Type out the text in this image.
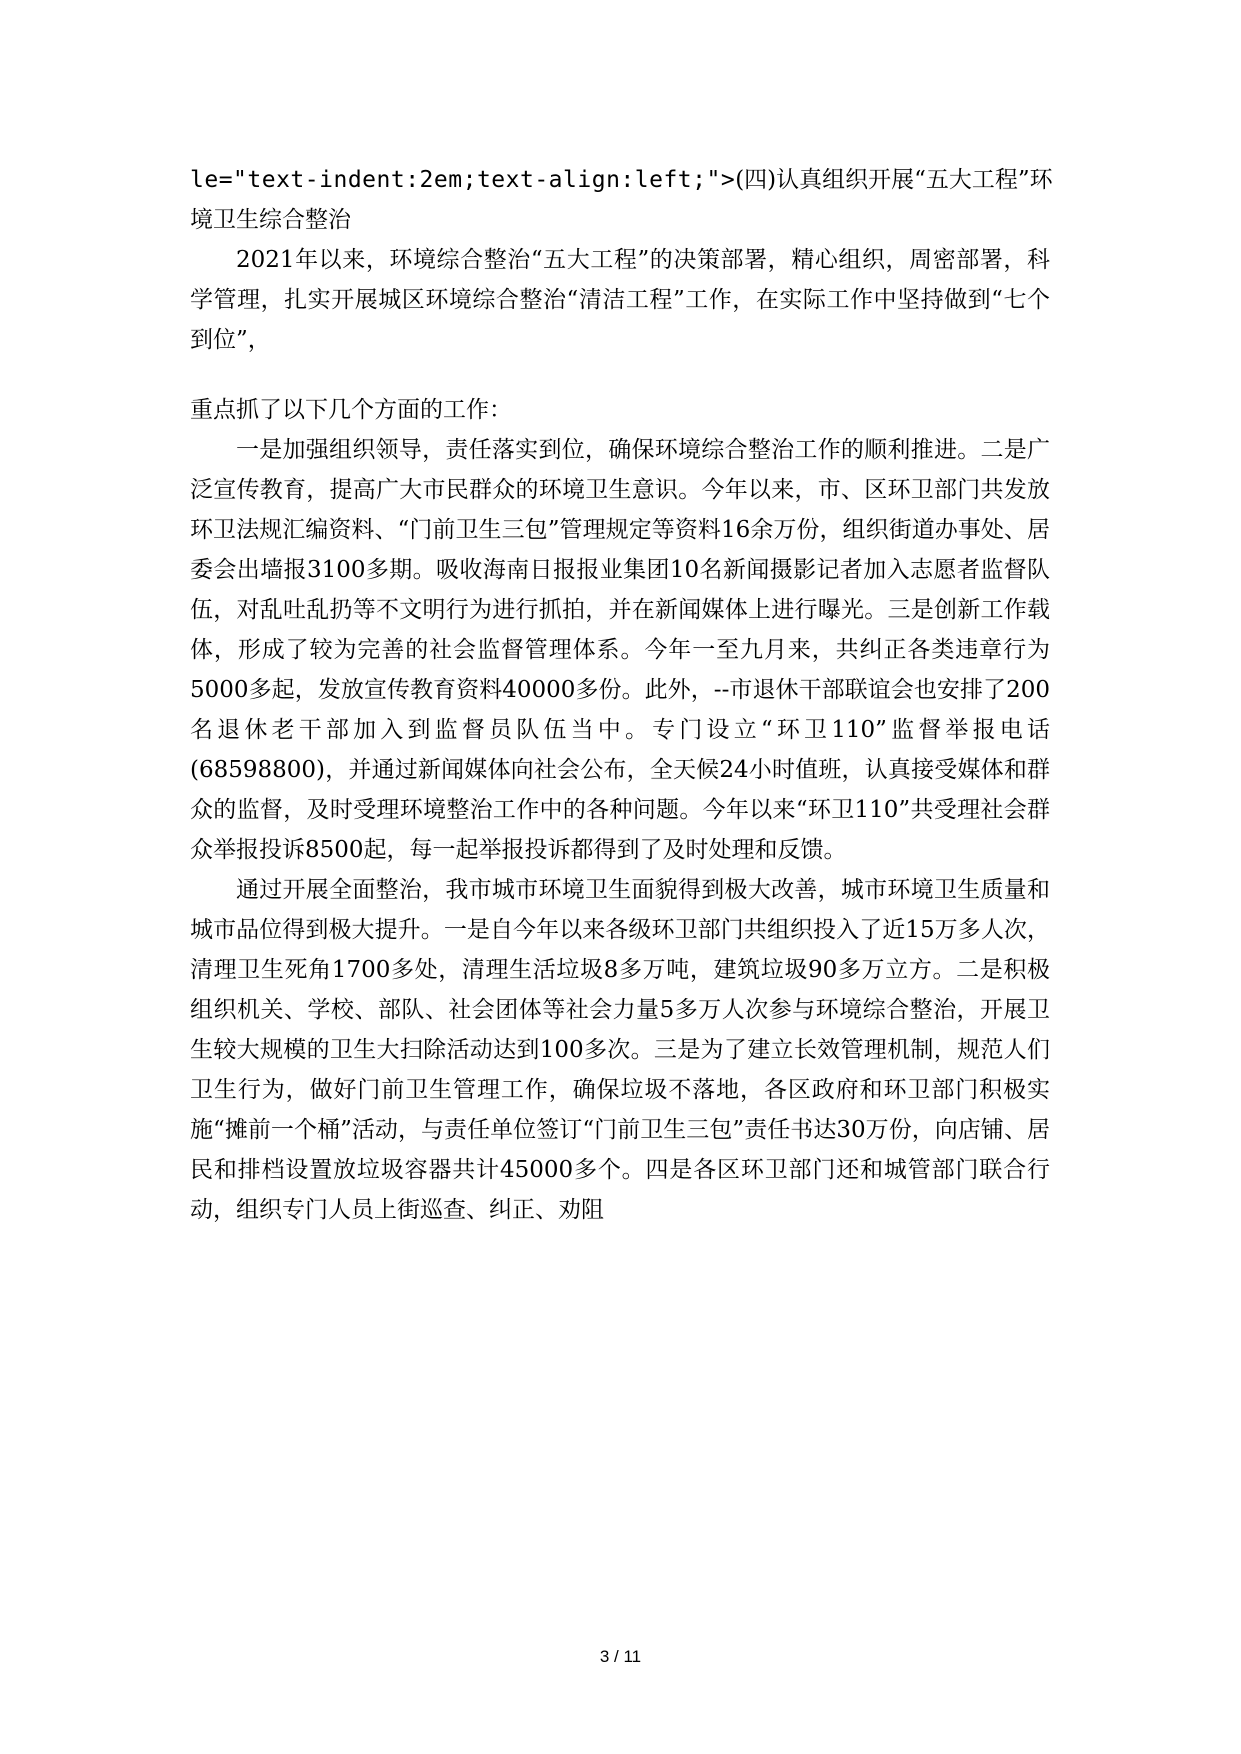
le="text-indent:2em;text-align:left;">(四)认真组织开展“五大工程”环
境卫生综合整治

2021年以来，环境综合整治“五大工程”的决策部署，精心组织，周密部署，科学管理，扎实开展城区环境综合整治“清洁工程”工作，在实际工作中坚持做到“七个到位”，

重点抓了以下几个方面的工作：

一是加强组织领导，责任落实到位，确保环境综合整治工作的顺利推进。二是广泛宣传教育，提高广大市民群众的环境卫生意识。今年以来，市、区环卫部门共发放环卫法规汇编资料、“门前卫生三包”管理规定等资料16余万份，组织街道办事处、居委会出墙报3100多期。吸收海南日报报业集团10名新闻摄影记者加入志愿者监督队伍，对乱吐乱扔等不文明行为进行抓拍，并在新闻媒体上进行曝光。三是创新工作载体，形成了较为完善的社会监督管理体系。今年一至九月来，共纠正各类违章行为5000多起，发放宣传教育资料40000多份。此外，--市退休干部联谊会也安排了200名退休老干部加入到监督员队伍当中。专门设立“环卫110”监督举报电话(68598800)，并通过新闻媒体向社会公布，全天候24小时值班，认真接受媒体和群众的监督，及时受理环境整治工作中的各种问题。今年以来“环卫110”共受理社会群众举报投诉8500起，每一起举报投诉都得到了及时处理和反馈。

通过开展全面整治，我市城市环境卫生面貌得到极大改善，城市环境卫生质量和城市品位得到极大提升。一是自今年以来各级环卫部门共组织投入了近15万多人次，清理卫生死角1700多处，清理生活垃圾8多万吨，建筑垃圾90多万立方。二是积极组织机关、学校、部队、社会团体等社会力量5多万人次参与环境综合整治，开展卫生较大规模的卫生大扫除活动达到100多次。三是为了建立长效管理机制，规范人们卫生行为，做好门前卫生管理工作，确保垃圾不落地，各区政府和环卫部门积极实施“摊前一个桶”活动，与责任单位签订“门前卫生三包”责任书达30万份，向店铺、居民和排档设置放垃圾容器共计45000多个。四是各区环卫部门还和城管部门联合行动，组织专门人员上街巡查、纠正、劝阻

3 / 11
